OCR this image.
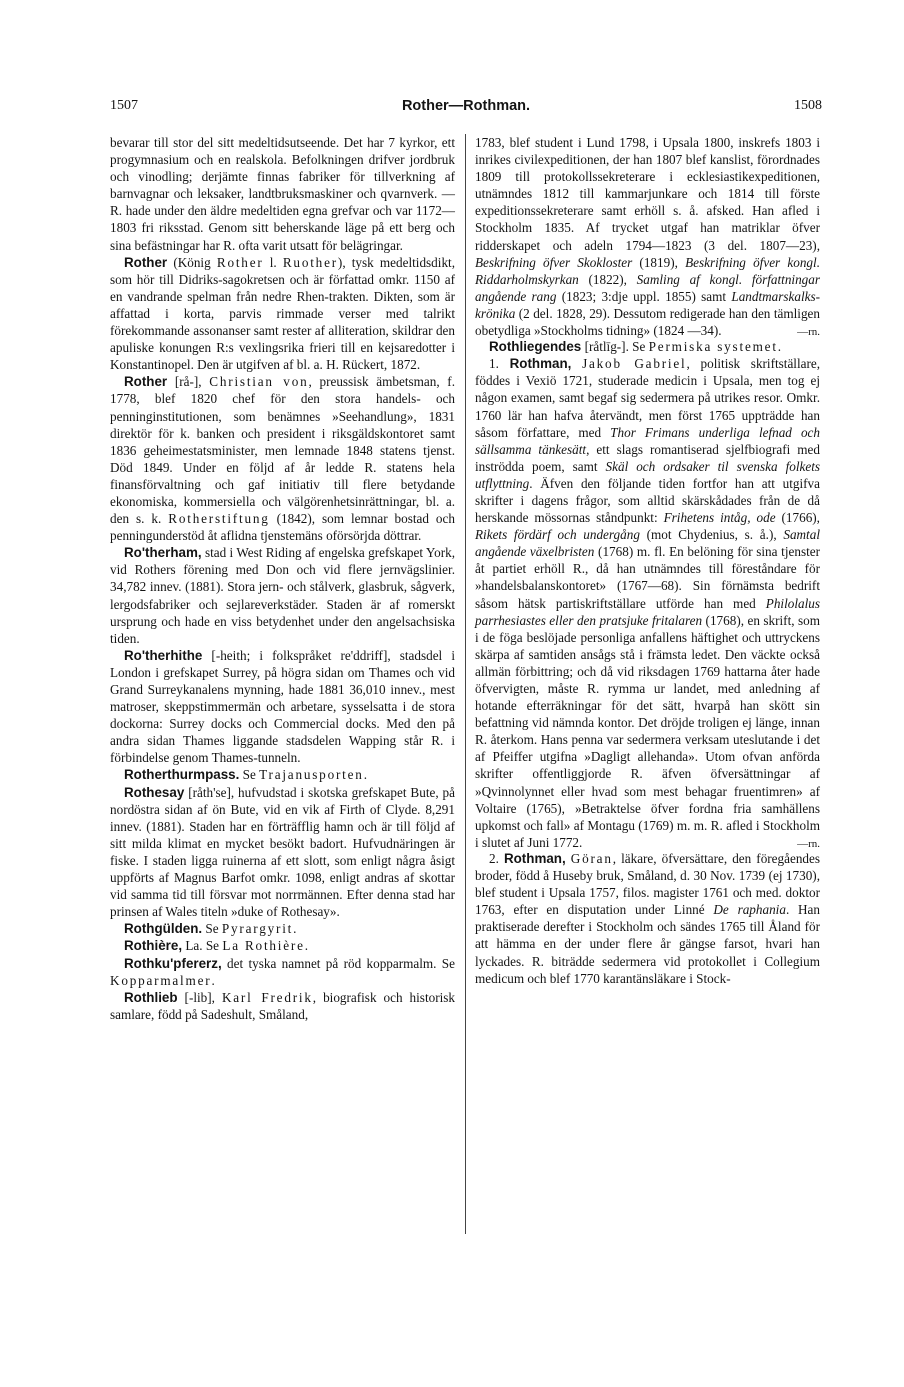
1507	Rother—Rothman.	1508

bevarar till stor del sitt medeltidsutseende. Det har 7 kyrkor, ett progymnasium och en realskola. Befolkningen drifver jordbruk och vinodling; derjämte finnas fabriker för tillverkning af barnvagnar och leksaker, landtbruksmaskiner och qvarnverk. — R. hade under den äldre medeltiden egna grefvar och var 1172—1803 fri riksstad. Genom sitt beherskande läge på ett berg och sina befästningar har R. ofta varit utsatt för belägringar.

Rother (König Rother l. Ruother), tysk medeltidsdikt, som hör till Didriks-sagokretsen och är författad omkr. 1150 af en vandrande spelman från nedre Rhen-trakten. Dikten, som är affattad i korta, parvis rimmade verser med talrikt förekommande assonanser samt rester af alliteration, skildrar den apuliske konungen R:s vexlingsrika frieri till en kejsaredotter i Konstantinopel. Den är utgifven af bl. a. H. Rückert, 1872.

Rother [rå-], Christian von, preussisk ämbetsman, f. 1778, blef 1820 chef för den stora handels- och penninginstitutionen, som benämnes »Seehandlung», 1831 direktör för k. banken och president i riksgäldskontoret samt 1836 geheimestatsminister, men lemnade 1848 statens tjenst. Död 1849. Under en följd af år ledde R. statens hela finansförvaltning och gaf initiativ till flere betydande ekonomiska, kommersiella och välgörenhetsinrättningar, bl. a. den s. k. Rotherstiftung (1842), som lemnar bostad och penningunderstöd åt aflidna tjenstemäns oförsörjda döttrar.

Ro'therham, stad i West Riding af engelska grefskapet York, vid Rothers förening med Don och vid flere jernvägslinier. 34,782 innev. (1881). Stora jern- och stålverk, glasbruk, sågverk, lergodsfabriker och sejlareverkstäder. Staden är af romerskt ursprung och hade en viss betydenhet under den angelsachsiska tiden.

Ro'therhithe [-heith; i folkspråket re'ddriff], stadsdel i London i grefskapet Surrey, på högra sidan om Thames och vid Grand Surreykanalens mynning, hade 1881 36,010 innev., mest matroser, skeppstimmermän och arbetare, sysselsatta i de stora dockorna: Surrey docks och Commercial docks. Med den på andra sidan Thames liggande stadsdelen Wapping står R. i förbindelse genom Thames-tunneln.

Rotherthurmpass. Se Trajanusporten.

Rothesay [råth'se], hufvudstad i skotska grefskapet Bute, på nordöstra sidan af ön Bute, vid en vik af Firth of Clyde. 8,291 innev. (1881). Staden har en förträfflig hamn och är till följd af sitt milda klimat en mycket besökt badort. Hufvudnäringen är fiske. I staden ligga ruinerna af ett slott, som enligt några åsigt uppförts af Magnus Barfot omkr. 1098, enligt andras af skottar vid samma tid till försvar mot norrmännen. Efter denna stad har prinsen af Wales titeln »duke of Rothesay».

Rothgülden. Se Pyrargyrit.

Rothière, La. Se La Rothière.

Rothku'pfererz, det tyska namnet på röd kopparmalm. Se Kopparmalmer.

Rothlieb [-lib], Karl Fredrik, biografisk och historisk samlare, född på Sadeshult, Småland,

1783, blef student i Lund 1798, i Upsala 1800, inskrefs 1803 i inrikes civilexpeditionen, der han 1807 blef kanslist, förordnades 1809 till protokollssekreterare i ecklesiastikexpeditionen, utnämndes 1812 till kammarjunkare och 1814 till förste expeditionssekreterare samt erhöll s. å. afsked. Han afled i Stockholm 1835. Af trycket utgaf han matriklar öfver ridderskapet och adeln 1794—1823 (3 del. 1807—23), Beskrifning öfver Skokloster (1819), Beskrifning öfver kongl. Riddarholmskyrkan (1822), Samling af kongl. författningar angående rang (1823; 3:dje uppl. 1855) samt Landtmarskalks-krönika (2 del. 1828, 29). Dessutom redigerade han den tämligen obetydliga »Stockholms tidning» (1824 —34).	—rn.

Rothliegendes [råtlīg-]. Se Permiska systemet.

1. Rothman, Jakob Gabriel, politisk skriftställare, föddes i Vexiö 1721, studerade medicin i Upsala, men tog ej någon examen, samt begaf sig sedermera på utrikes resor. Omkr. 1760 lär han hafva återvändt, men först 1765 uppträdde han såsom författare, med Thor Frimans underliga lefnad och sällsamma tänkesätt, ett slags romantiserad sjelfbiografi med inströdda poem, samt Skäl och ordsaker til svenska folkets utflyttning. Äfven den följande tiden fortfor han att utgifva skrifter i dagens frågor, som alltid skärskådades från de då herskande mössornas ståndpunkt: Frihetens intåg, ode (1766), Rikets fördärf och undergång (mot Chydenius, s. å.), Samtal angående växelbristen (1768) m. fl. En belöning för sina tjenster åt partiet erhöll R., då han utnämndes till föreståndare för »handelsbalanskontoret» (1767—68). Sin förnämsta bedrift såsom hätsk partiskriftställare utförde han med Philolalus parrhesiastes eller den pratsjuke fritalaren (1768), en skrift, som i de föga beslöjade personliga anfallens häftighet och uttryckens skärpa af samtiden ansågs stå i främsta ledet. Den väckte också allmän förbittring; och då vid riksdagen 1769 hattarna åter hade öfvervigten, måste R. rymma ur landet, med anledning af hotande efterräkningar för det sätt, hvarpå han skött sin befattning vid nämnda kontor. Det dröjde troligen ej länge, innan R. återkom. Hans penna var sedermera verksam uteslutande i det af Pfeiffer utgifna »Dagligt allehanda». Utom ofvan anförda skrifter offentliggjorde R. äfven öfversättningar af »Qvinnolynnet eller hvad som mest behagar fruentimren» af Voltaire (1765), »Betraktelse öfver fordna fria samhällens upkomst och fall» af Montagu (1769) m. m. R. afled i Stockholm i slutet af Juni 1772.	—rn.

2. Rothman, Göran, läkare, öfversättare, den föregåendes broder, född å Huseby bruk, Småland, d. 30 Nov. 1739 (ej 1730), blef student i Upsala 1757, filos. magister 1761 och med. doktor 1763, efter en disputation under Linné De raphania. Han praktiserade derefter i Stockholm och sändes 1765 till Åland för att hämma en der under flere år gängse farsot, hvari han lyckades. R. biträdde sedermera vid protokollet i Collegium medicum och blef 1770 karantänsläkare i Stock-
